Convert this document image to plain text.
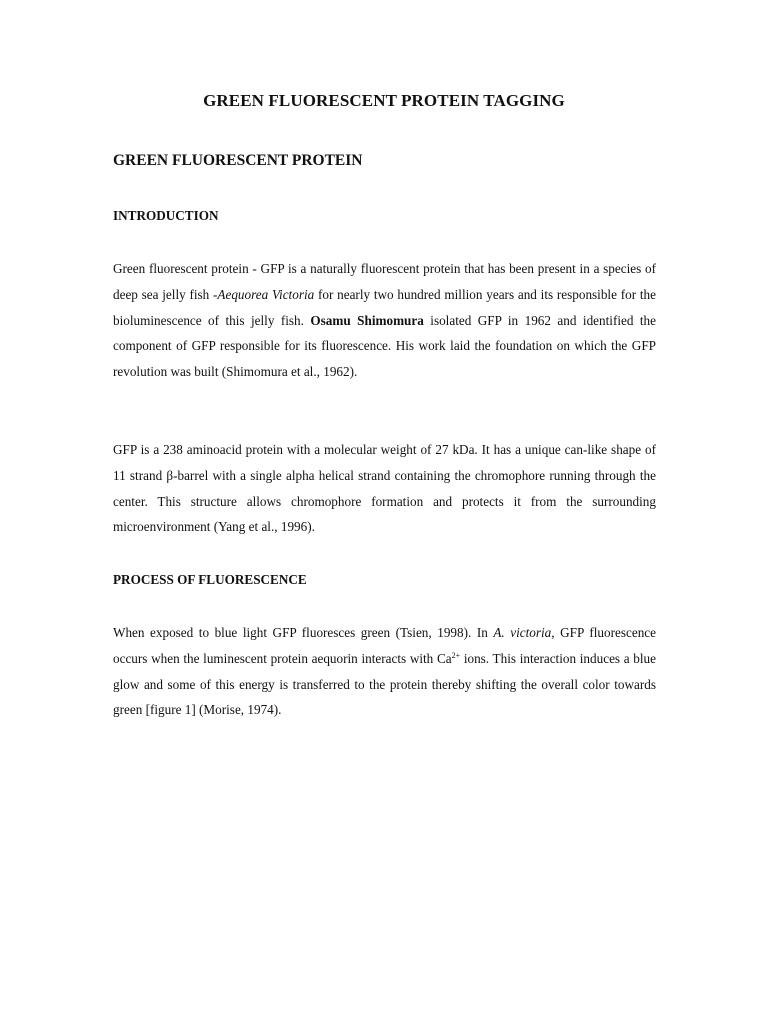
GREEN FLUORESCENT PROTEIN TAGGING
GREEN FLUORESCENT PROTEIN
INTRODUCTION

Green fluorescent protein - GFP is a naturally fluorescent protein that has been present in a species of deep sea jelly fish -Aequorea Victoria for nearly two hundred million years and its responsible for the bioluminescence of this jelly fish. Osamu Shimomura isolated GFP in 1962 and identified the component of GFP responsible for its fluorescence. His work laid the foundation on which the GFP revolution was built (Shimomura et al., 1962).

GFP is a 238 aminoacid protein with a molecular weight of 27 kDa. It has a unique can-like shape of 11 strand β-barrel with a single alpha helical strand containing the chromophore running through the center. This structure allows chromophore formation and protects it from the surrounding microenvironment (Yang et al., 1996).

PROCESS OF FLUORESCENCE

When exposed to blue light GFP fluoresces green (Tsien, 1998). In A. victoria, GFP fluorescence occurs when the luminescent protein aequorin interacts with $Ca^{2+}$ ions. This interaction induces a blue glow and some of this energy is transferred to the protein thereby shifting the overall color towards green [figure 1] (Morise, 1974).
